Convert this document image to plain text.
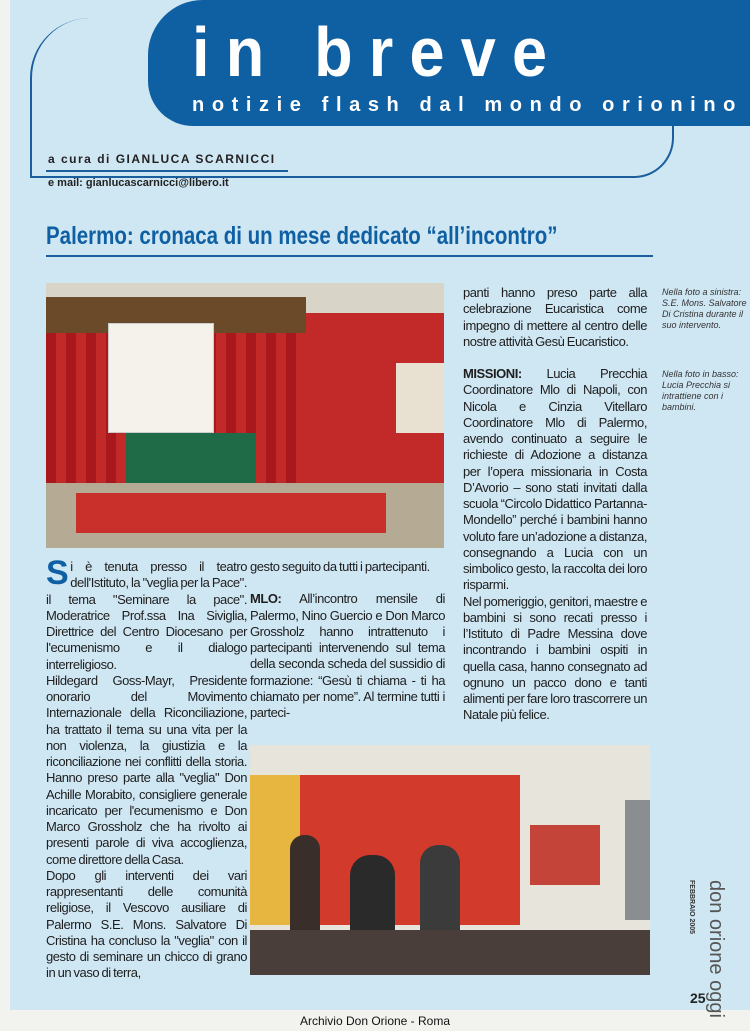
in breve
notizie flash dal mondo orionino
a cura di GIANLUCA SCARNICCI
e mail: gianlucascarnicci@libero.it
Palermo: cronaca di un mese dedicato “all’incontro”

Si è tenuta presso il teatro dell'Istituto, la "veglia per la Pace". il tema "Seminare la pace". Moderatrice Prof.ssa Ina Siviglia, Direttrice del Centro Diocesano per l'ecumenismo e il dialogo interreligioso.

Hildegard Goss-Mayr, Presidente onorario del Movimento Internazionale della Riconciliazione, ha trattato il tema su una vita per la non violenza, la giustizia e la riconciliazione nei conflitti della storia. Hanno preso parte alla "veglia" Don Achille Morabito, consigliere generale incaricato per l'ecumenismo e Don Marco Grossholz che ha rivolto ai presenti parole di viva accoglienza, come direttore della Casa.

Dopo gli interventi dei vari rappresentanti delle comunità religiose, il Vescovo ausiliare di Palermo S.E. Mons. Salvatore Di Cristina ha concluso la "veglia" con il gesto di seminare un chicco di grano in un vaso di terra,

gesto seguito da tutti i partecipanti.

MLO: All’incontro mensile di Palermo, Nino Guercio e Don Marco Grossholz hanno intrattenuto i partecipanti intervenendo sul tema della seconda scheda del sussidio di formazione: “Gesù ti chiama - ti ha chiamato per nome”. Al termine tutti i parteci-

panti hanno preso parte alla celebrazione Eucaristica come impegno di mettere al centro delle nostre attività Gesù Eucaristico.

MISSIONI: Lucia Precchia Coordinatore Mlo di Napoli, con Nicola e Cinzia Vitellaro Coordinatore Mlo di Palermo, avendo continuato a seguire le richieste di Adozione a distanza per l’opera missionaria in Costa D’Avorio – sono stati invitati dalla scuola “Circolo Didattico Partanna-Mondello” perché i bambini hanno voluto fare un’adozione a distanza, consegnando a Lucia con un simbolico gesto, la raccolta dei loro risparmi.

Nel pomeriggio, genitori, maestre e bambini si sono recati presso i l’Istituto di Padre Messina dove incontrando i bambini ospiti in quella casa, hanno consegnato ad ognuno un pacco dono e tanti alimenti per fare loro trascorrere un Natale più felice.

Nella foto a sinistra: S.E. Mons. Salvatore Di Cristina durante il suo intervento.
Nella foto in basso: Lucia Precchia si intrattiene con i bambini.
don orione oggi
FEBBRAIO 2005
25
Archivio Don Orione - Roma
